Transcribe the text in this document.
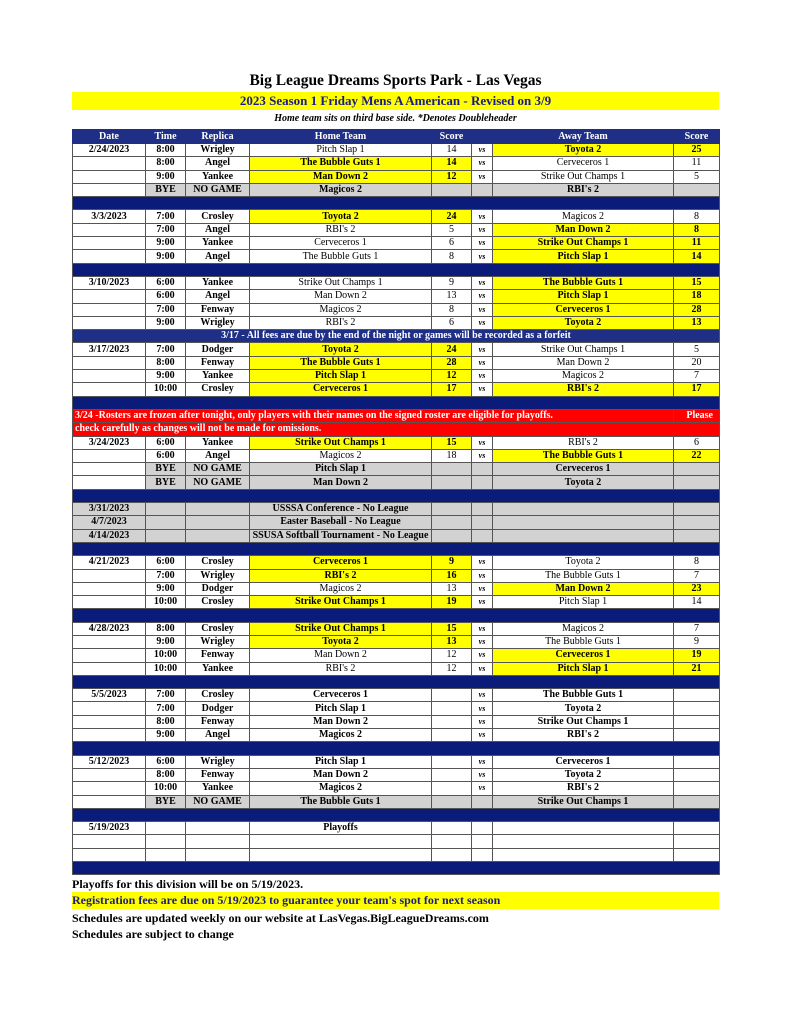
Big League Dreams Sports Park - Las Vegas
2023 Season 1 Friday Mens A American - Revised on 3/9
Home team sits on third base side. *Denotes Doubleheader
Date	Time	Replica	Home Team	Score		Away Team	Score
2/24/2023	8:00	Wrigley	Pitch Slap 1	14	vs	Toyota 2	25
	8:00	Angel	The Bubble Guts 1	14	vs	Cerveceros 1	11
	9:00	Yankee	Man Down 2	12	vs	Strike Out Champs 1	5
	BYE	NO GAME	Magicos 2			RBI's 2	

3/3/2023	7:00	Crosley	Toyota 2	24	vs	Magicos 2	8
	7:00	Angel	RBI's 2	5	vs	Man Down 2	8
	9:00	Yankee	Cerveceros 1	6	vs	Strike Out Champs 1	11
	9:00	Angel	The Bubble Guts 1	8	vs	Pitch Slap 1	14

3/10/2023	6:00	Yankee	Strike Out Champs 1	9	vs	The Bubble Guts 1	15
	6:00	Angel	Man Down 2	13	vs	Pitch Slap 1	18
	7:00	Fenway	Magicos 2	8	vs	Cerveceros 1	28
	9:00	Wrigley	RBI's 2	6	vs	Toyota 2	13
3/17 - All fees are due by the end of the night or games will be recorded as a forfeit							
3/17/2023	7:00	Dodger	Toyota 2	24	vs	Strike Out Champs 1	5
	8:00	Fenway	The Bubble Guts 1	28	vs	Man Down 2	20
	9:00	Yankee	Pitch Slap 1	12	vs	Magicos 2	7
	10:00	Crosley	Cerveceros 1	17	vs	RBI's 2	17

3/24 -Rosters are frozen after tonight, only players with their names on the signed roster are eligible for playoffs.							Please
check carefully as changes will not be made for omissions.							
3/24/2023	6:00	Yankee	Strike Out Champs 1	15	vs	RBI's 2	6
	6:00	Angel	Magicos 2	18	vs	The Bubble Guts 1	22
	BYE	NO GAME	Pitch Slap 1			Cerveceros 1	
	BYE	NO GAME	Man Down 2			Toyota 2	

3/31/2023			USSSA Conference - No League				
4/7/2023			Easter Baseball - No League				
4/14/2023			SSUSA Softball Tournament - No League				

4/21/2023	6:00	Crosley	Cerveceros 1	9	vs	Toyota 2	8
	7:00	Wrigley	RBI's 2	16	vs	The Bubble Guts 1	7
	9:00	Dodger	Magicos 2	13	vs	Man Down 2	23
	10:00	Crosley	Strike Out Champs 1	19	vs	Pitch Slap 1	14

4/28/2023	8:00	Crosley	Strike Out Champs 1	15	vs	Magicos 2	7
	9:00	Wrigley	Toyota 2	13	vs	The Bubble Guts 1	9
	10:00	Fenway	Man Down 2	12	vs	Cerveceros 1	19
	10:00	Yankee	RBI's 2	12	vs	Pitch Slap 1	21

5/5/2023	7:00	Crosley	Cerveceros 1		vs	The Bubble Guts 1	
	7:00	Dodger	Pitch Slap 1		vs	Toyota 2	
	8:00	Fenway	Man Down 2		vs	Strike Out Champs 1	
	9:00	Angel	Magicos 2		vs	RBI's 2	

5/12/2023	6:00	Wrigley	Pitch Slap 1		vs	Cerveceros 1	
	8:00	Fenway	Man Down 2		vs	Toyota 2	
	10:00	Yankee	Magicos 2		vs	RBI's 2	
	BYE	NO GAME	The Bubble Guts 1			Strike Out Champs 1	

5/19/2023			Playoffs				

Playoffs for this division will be on 5/19/2023.
Registration fees are due on 5/19/2023 to guarantee your team's spot for next season
Schedules are updated weekly on our website at LasVegas.BigLeagueDreams.com
Schedules are subject to change
